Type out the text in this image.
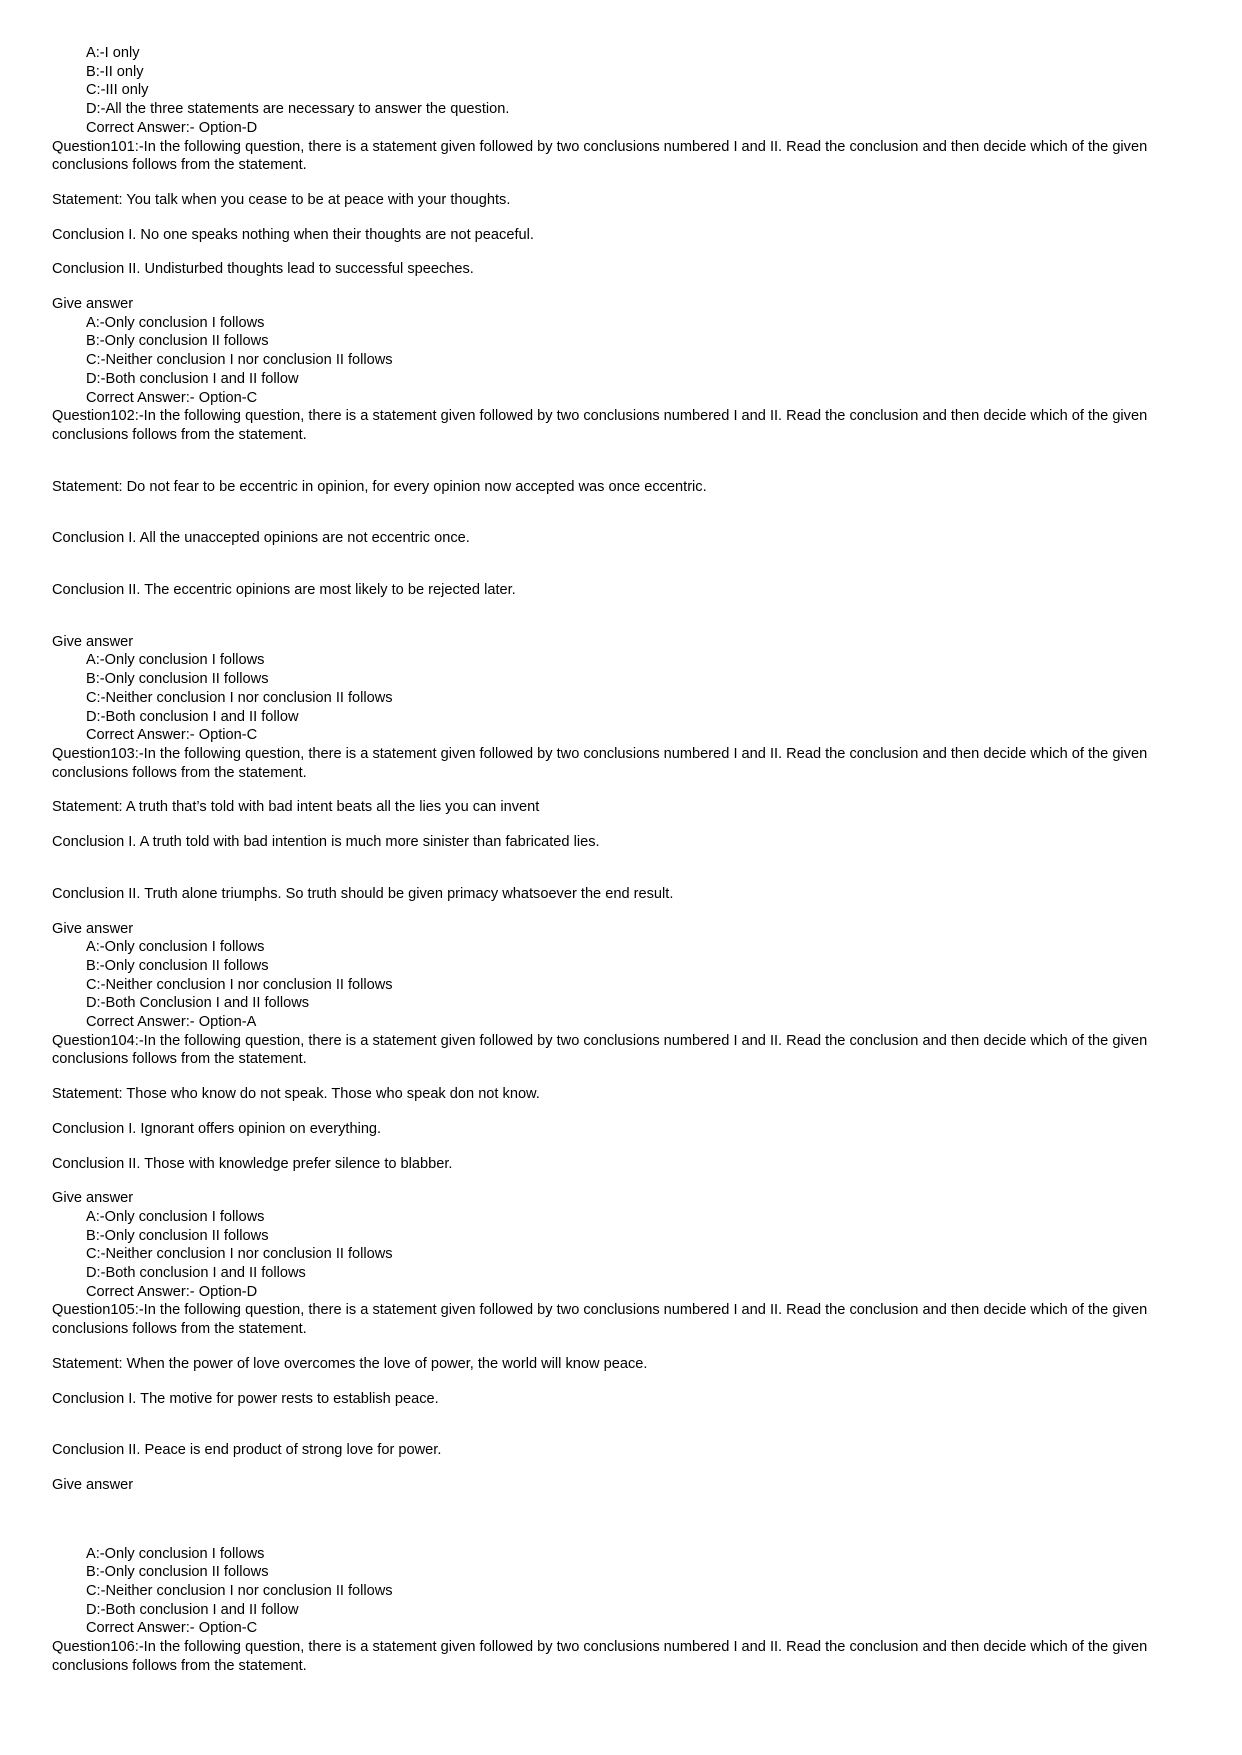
A:-I only
B:-II only
C:-III only
D:-All the three statements are necessary to answer the question.
Correct Answer:- Option-D
Question101:-In the following question, there is a statement given followed by two conclusions numbered I and II. Read the conclusion and then decide which of the given conclusions follows from the statement.
Statement: You talk when you cease to be at peace with your thoughts.
Conclusion I. No one speaks nothing when their thoughts are not peaceful.
Conclusion II. Undisturbed thoughts lead to successful speeches.
Give answer
A:-Only conclusion I follows
B:-Only conclusion II follows
C:-Neither conclusion I nor conclusion II follows
D:-Both conclusion I and II follow
Correct Answer:- Option-C
Question102:-In the following question, there is a statement given followed by two conclusions numbered I and II. Read the conclusion and then decide which of the given conclusions follows from the statement.
Statement: Do not fear to be eccentric in opinion, for every opinion now accepted was once eccentric.
Conclusion I. All the unaccepted opinions are not eccentric once.
Conclusion II. The eccentric opinions are most likely to be rejected later.
Give answer
A:-Only conclusion I follows
B:-Only conclusion II follows
C:-Neither conclusion I nor conclusion II follows
D:-Both conclusion I and II follow
Correct Answer:- Option-C
Question103:-In the following question, there is a statement given followed by two conclusions numbered I and II. Read the conclusion and then decide which of the given conclusions follows from the statement.
Statement: A truth that’s told with bad intent beats all the lies you can invent
Conclusion I. A truth told with bad intention is much more sinister than fabricated lies.
Conclusion II. Truth alone triumphs. So truth should be given primacy whatsoever the end result.
Give answer
A:-Only conclusion I follows
B:-Only conclusion II follows
C:-Neither conclusion I nor conclusion II follows
D:-Both Conclusion I and II follows
Correct Answer:- Option-A
Question104:-In the following question, there is a statement given followed by two conclusions numbered I and II. Read the conclusion and then decide which of the given conclusions follows from the statement.
Statement: Those who know do not speak. Those who speak don not know.
Conclusion I. Ignorant offers opinion on everything.
Conclusion II. Those with knowledge prefer silence to blabber.
Give answer
A:-Only conclusion I follows
B:-Only conclusion II follows
C:-Neither conclusion I nor conclusion II follows
D:-Both conclusion I and II follows
Correct Answer:- Option-D
Question105:-In the following question, there is a statement given followed by two conclusions numbered I and II. Read the conclusion and then decide which of the given conclusions follows from the statement.
Statement: When the power of love overcomes the love of power, the world will know peace.
Conclusion I. The motive for power rests to establish peace.
Conclusion II. Peace is end product of strong love for power.
Give answer
A:-Only conclusion I follows
B:-Only conclusion II follows
C:-Neither conclusion I nor conclusion II follows
D:-Both conclusion I and II follow
Correct Answer:- Option-C
Question106:-In the following question, there is a statement given followed by two conclusions numbered I and II. Read the conclusion and then decide which of the given conclusions follows from the statement.
